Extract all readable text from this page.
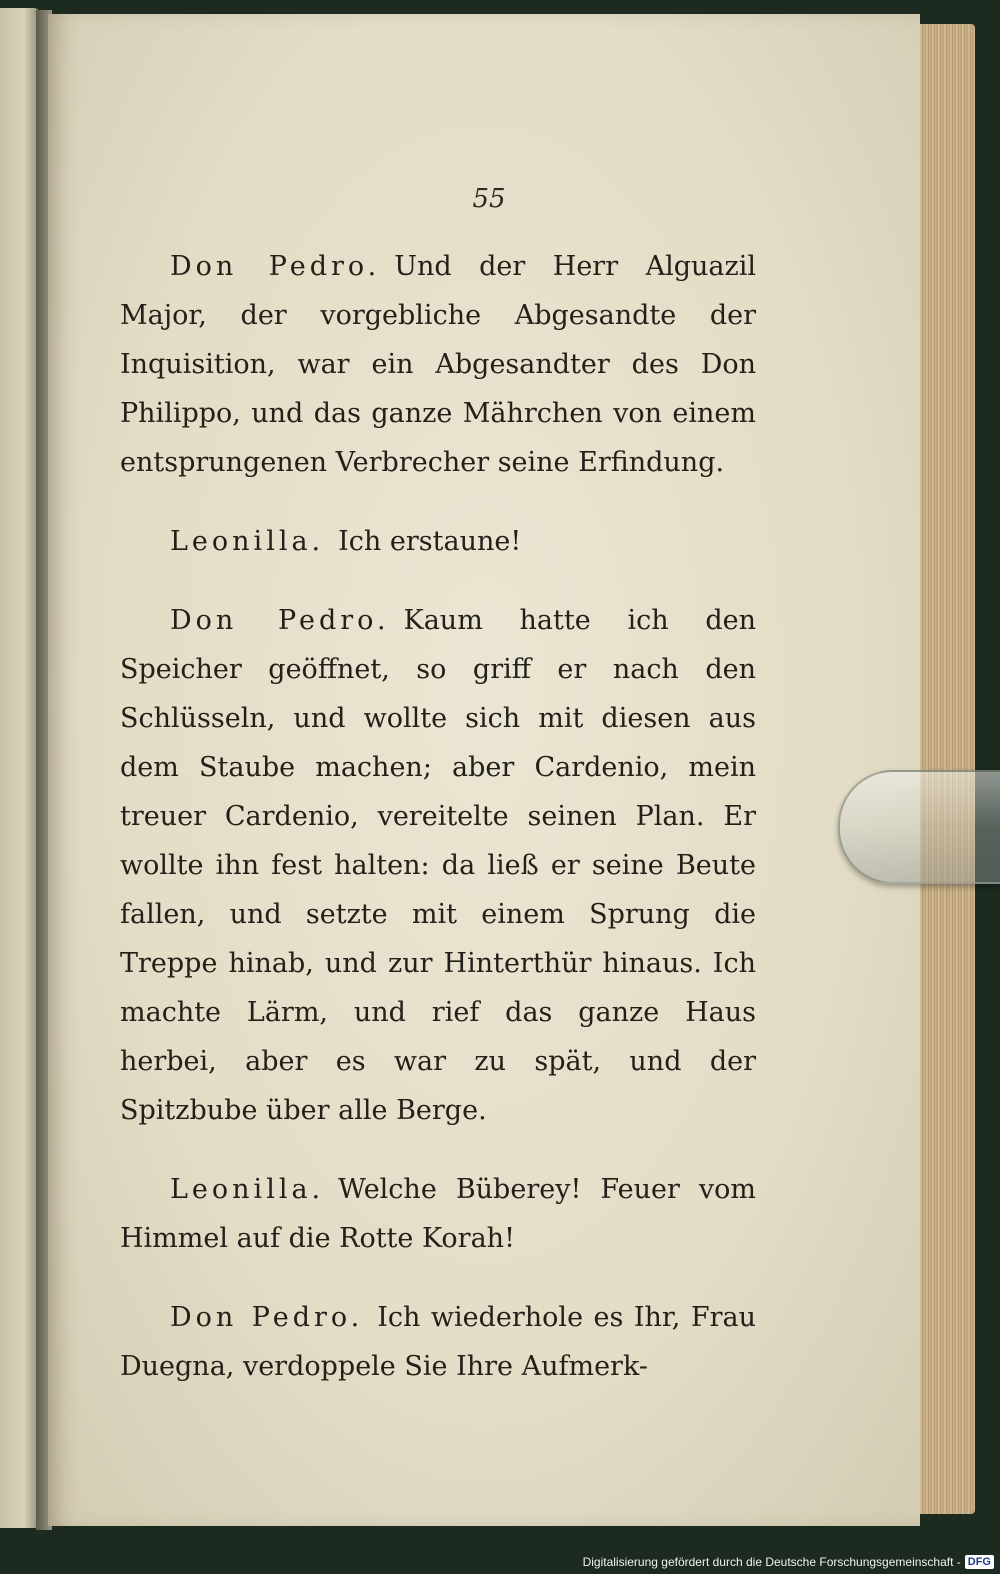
55

Don Pedro. Und der Herr Alguazil Major, der vorgebliche Abgesandte der Inquisition, war ein Abgesandter des Don Philippo, und das ganze Mährchen von einem entsprungenen Verbrecher seine Erfindung.

Leonilla. Ich erstaune!

Don Pedro. Kaum hatte ich den Speicher geöffnet, so griff er nach den Schlüsseln, und wollte sich mit diesen aus dem Staube machen; aber Cardenio, mein treuer Cardenio, vereitelte seinen Plan. Er wollte ihn fest halten: da ließ er seine Beute fallen, und setzte mit einem Sprung die Treppe hinab, und zur Hinterthür hinaus. Ich machte Lärm, und rief das ganze Haus herbei, aber es war zu spät, und der Spitzbube über alle Berge.

Leonilla. Welche Büberey! Feuer vom Himmel auf die Rotte Korah!

Don Pedro. Ich wiederhole es Ihr, Frau Duegna, verdoppele Sie Ihre Aufmerk-

Digitalisierung gefördert durch die Deutsche Forschungsgemeinschaft - DFG
